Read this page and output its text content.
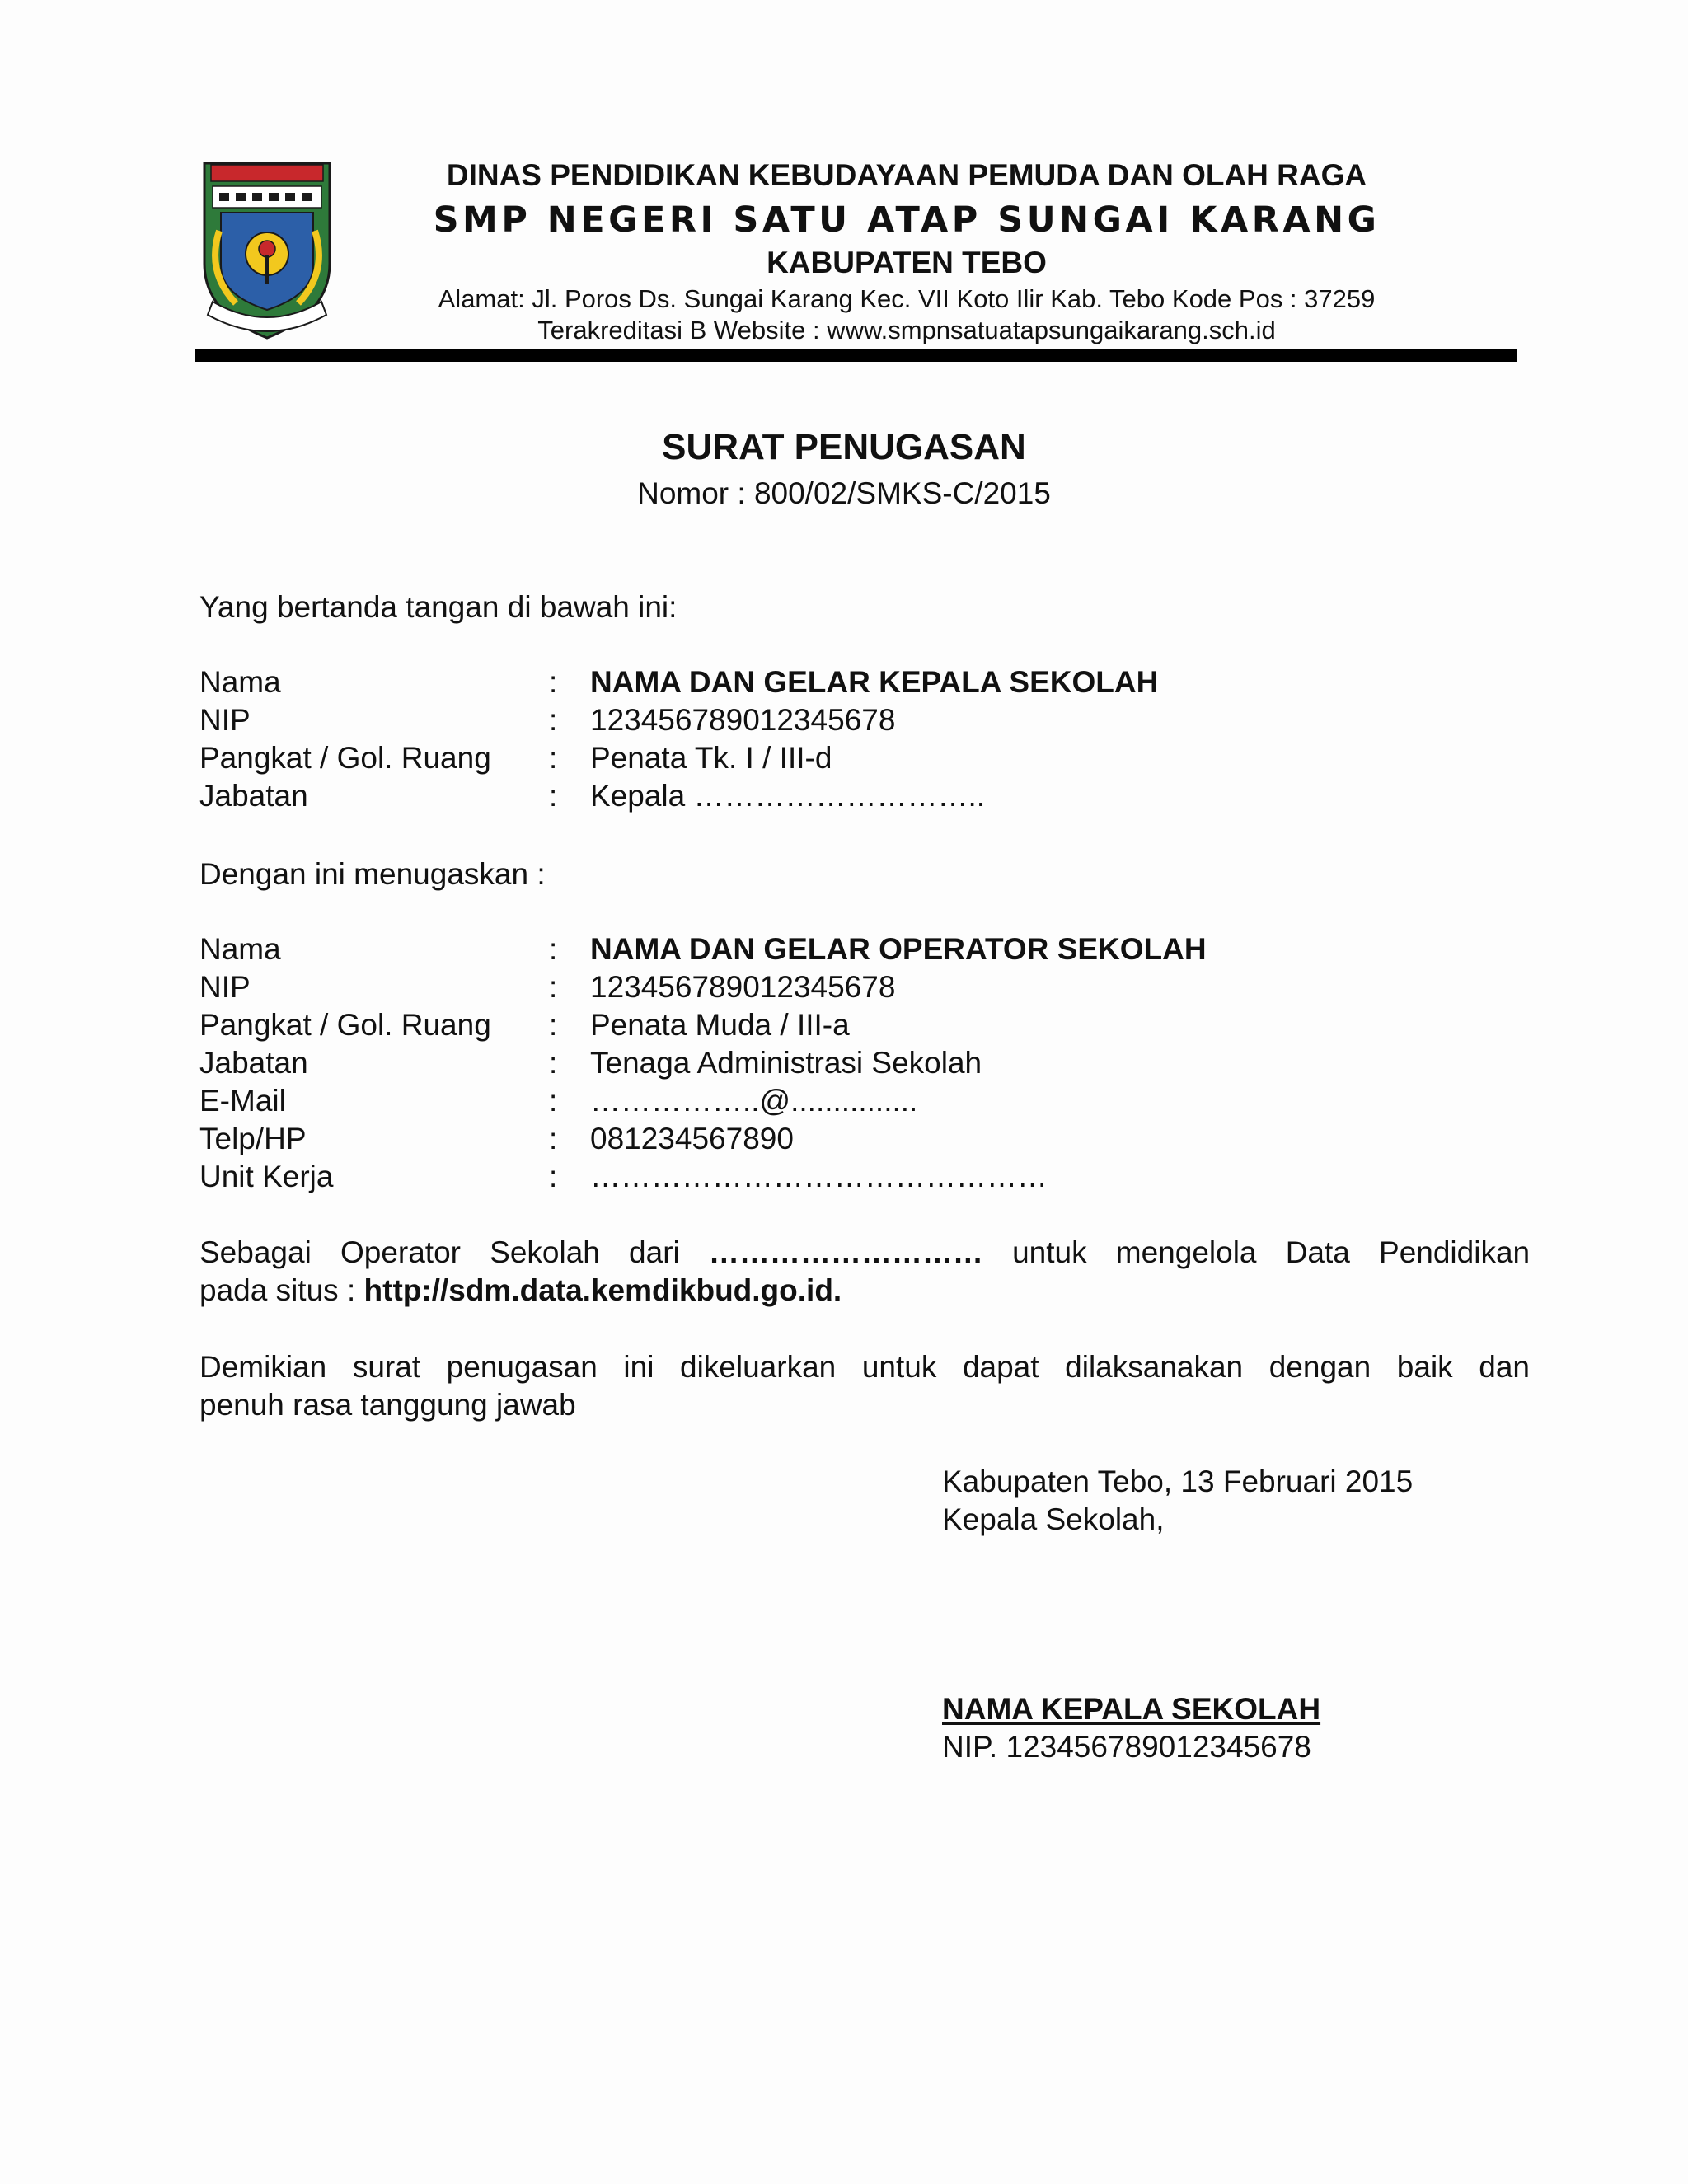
DINAS PENDIDIKAN KEBUDAYAAN PEMUDA DAN OLAH RAGA
SMP NEGERI SATU ATAP SUNGAI KARANG
KABUPATEN TEBO
Alamat: Jl. Poros Ds. Sungai Karang Kec. VII Koto Ilir Kab. Tebo Kode Pos : 37259
Terakreditasi B Website : www.smpnsatuatapsungaikarang.sch.id
SURAT PENUGASAN
Nomor : 800/02/SMKS-C/2015
Yang bertanda tangan di bawah ini:
Nama	: NAMA DAN GELAR KEPALA SEKOLAH
NIP	: 123456789012345678
Pangkat / Gol. Ruang : Penata Tk. I / III-d
Jabatan	: Kepala ………………………..
Dengan ini menugaskan :
Nama	: NAMA DAN GELAR OPERATOR SEKOLAH
NIP	: 123456789012345678
Pangkat / Gol. Ruang : Penata Muda / III-a
Jabatan	: Tenaga Administrasi Sekolah
E-Mail	: ……………..@...............
Telp/HP	: 081234567890
Unit Kerja	: ………………………………………
Sebagai Operator Sekolah dari ……………………… untuk mengelola Data Pendidikan
pada situs : http://sdm.data.kemdikbud.go.id.
Demikian surat penugasan ini dikeluarkan untuk dapat dilaksanakan dengan baik dan
penuh rasa tanggung jawab
Kabupaten Tebo, 13 Februari 2015
Kepala Sekolah,
NAMA KEPALA SEKOLAH
NIP. 123456789012345678
